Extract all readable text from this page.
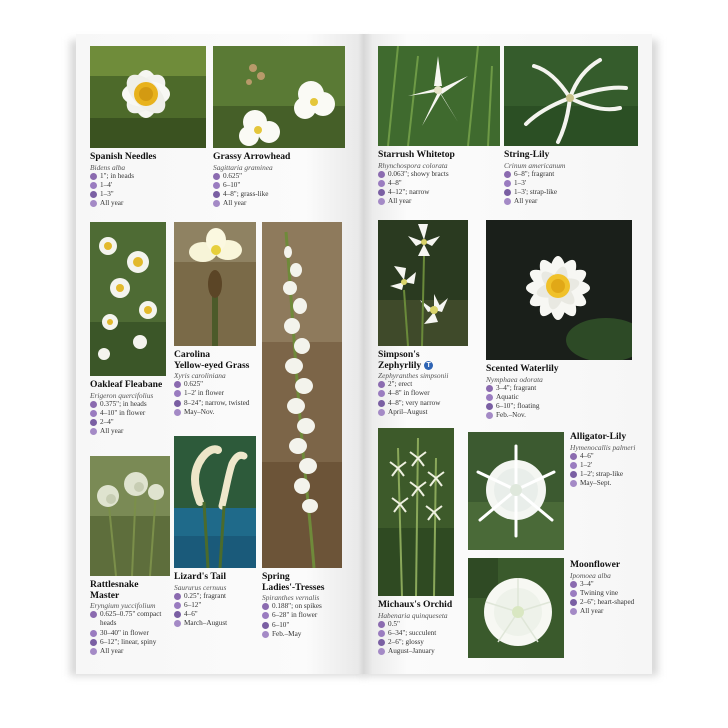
Spanish Needles
Bidens alba
1"; in heads
1–4'
1–3"
All year
Grassy Arrowhead
Sagittaria graminea
0.625"
6–10"
4–8"; grass-like
All year
Oakleaf Fleabane
Erigeron quercifolius
0.375"; in heads
4–10" in flower
2–4"
All year
Carolina
Yellow-eyed Grass
Xyris caroliniana
0.625"
1–2' in flower
8–24"; narrow, twisted
May–Nov.
Spring
Ladies'-Tresses
Spiranthes vernalis
0.188"; on spikes
6–28" in flower
6–10"
Feb.–May
Rattlesnake
Master
Eryngium yuccifolium
0.625–0.75" compact
heads
30–40" in flower
6–12"; linear, spiny
All year
Lizard's Tail
Saururus cernuus
0.25"; fragrant
6–12"
4–6"
March–August
Starrush Whitetop
Rhynchospora colorata
0.063"; showy bracts
4–8"
4–12"; narrow
All year
String-Lily
Crinum americanum
6–8"; fragrant
1–3'
1–3'; strap-like
All year
Simpson's
Zephyrlily T
Zephyranthes simpsonii
2"; erect
4–8" in flower
4–8"; very narrow
April–August
Scented Waterlily
Nymphaea odorata
3–4"; fragrant
Aquatic
6–10"; floating
Feb.–Nov.
Michaux's Orchid
Habenaria quinqueseta
0.5"
6–34"; succulent
2–6"; glossy
August–January
Alligator-Lily
Hymenocallis palmeri
4–6"
1–2'
1–2'; strap-like
May–Sept.
Moonflower
Ipomoea alba
3–4"
Twining vine
2–6"; heart-shaped
All year
